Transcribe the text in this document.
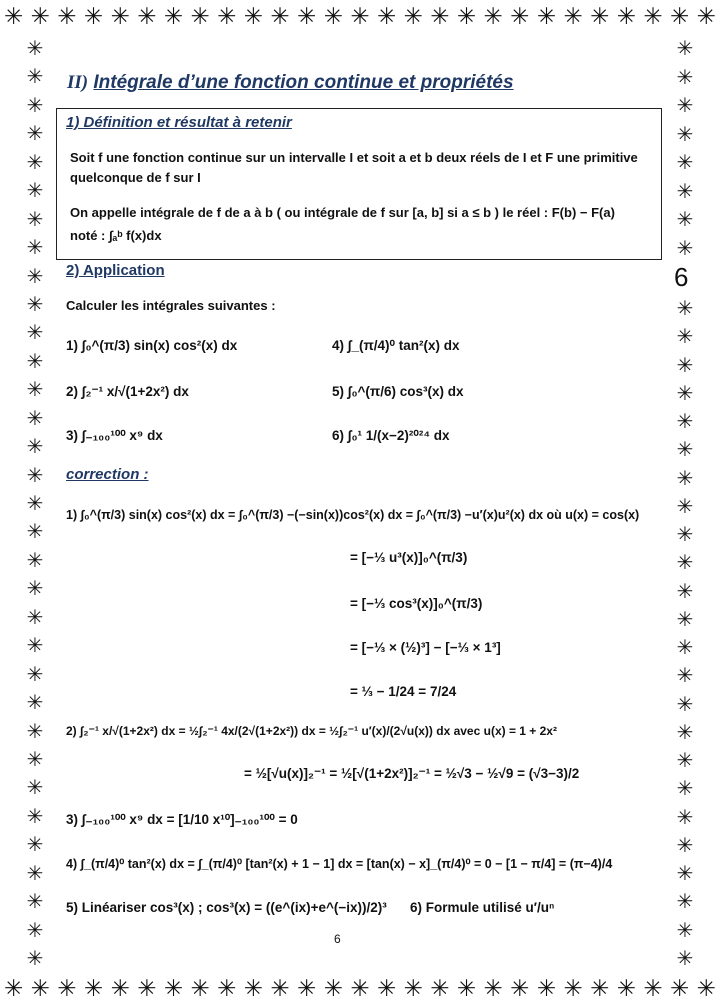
✳ ✳ ✳ ✳ ✳ ✳ ✳ ✳ ✳ ✳ ✳ ✳ ✳ ✳ ✳ ✳ ✳ ✳ ✳ ✳ ✳ ✳ ✳ ✳ ✳ ✳ ✳
✳ ✳ ✳ ✳ ✳ ✳ ✳ ✳ ✳ ✳ ✳ ✳ ✳ ✳ ✳ ✳ ✳ ✳ ✳ ✳ ✳ ✳ ✳ ✳ ✳ ✳ ✳
✳
✳
✳
✳
✳
✳
✳
✳
✳
✳
✳
✳
✳
✳
✳
✳
✳
✳
✳
✳
✳
✳
✳
✳
✳
✳
✳
✳
✳
✳
✳
✳
✳
✳
✳
✳
✳
✳
✳
✳
✳
✳
✳
✳
✳
✳
✳
✳
✳
✳
✳
✳
✳
✳
✳
✳
✳
✳
✳
✳
✳
✳
✳
✳
✳
II) Intégrale d’une fonction continue et propriétés
1) Définition et résultat à retenir
Soit f une fonction continue sur un intervalle I et soit a et b deux réels de I et F une primitive
quelconque de f sur I
On appelle intégrale de f de a à b ( ou intégrale de f sur [a, b] si a ≤ b ) le réel : F(b) − F(a)
noté : ∫ₐᵇ f(x)dx
6
2) Application
Calculer les intégrales suivantes :
1) ∫₀^(π/3) sin(x) cos²(x) dx
2) ∫₂⁻¹ x/√(1+2x²) dx
3) ∫₋₁₀₀¹⁰⁰ x⁹ dx
4) ∫_(π/4)⁰ tan²(x) dx
5) ∫₀^(π/6) cos³(x) dx
6) ∫₀¹ 1/(x−2)²⁰²⁴ dx
correction :
1) ∫₀^(π/3) sin(x) cos²(x) dx = ∫₀^(π/3) −(−sin(x))cos²(x) dx = ∫₀^(π/3) −u′(x)u²(x) dx où u(x) = cos(x)
= [−⅓ u³(x)]₀^(π/3)
= [−⅓ cos³(x)]₀^(π/3)
= [−⅓ × (½)³] − [−⅓ × 1³]
= ⅓ − 1/24 = 7/24
2) ∫₂⁻¹ x/√(1+2x²) dx = ½∫₂⁻¹ 4x/(2√(1+2x²)) dx = ½∫₂⁻¹ u′(x)/(2√u(x)) dx avec u(x) = 1 + 2x²
= ½[√u(x)]₂⁻¹ = ½[√(1+2x²)]₂⁻¹ = ½√3 − ½√9 = (√3−3)/2
3) ∫₋₁₀₀¹⁰⁰ x⁹ dx = [1/10 x¹⁰]₋₁₀₀¹⁰⁰ = 0
4) ∫_(π/4)⁰ tan²(x) dx = ∫_(π/4)⁰ [tan²(x) + 1 − 1] dx = [tan(x) − x]_(π/4)⁰ = 0 − [1 − π/4] = (π−4)/4
5) Linéariser cos³(x) ; cos³(x) = ((e^(ix)+e^(−ix))/2)³ 6) Formule utilisé u′/uⁿ
6
